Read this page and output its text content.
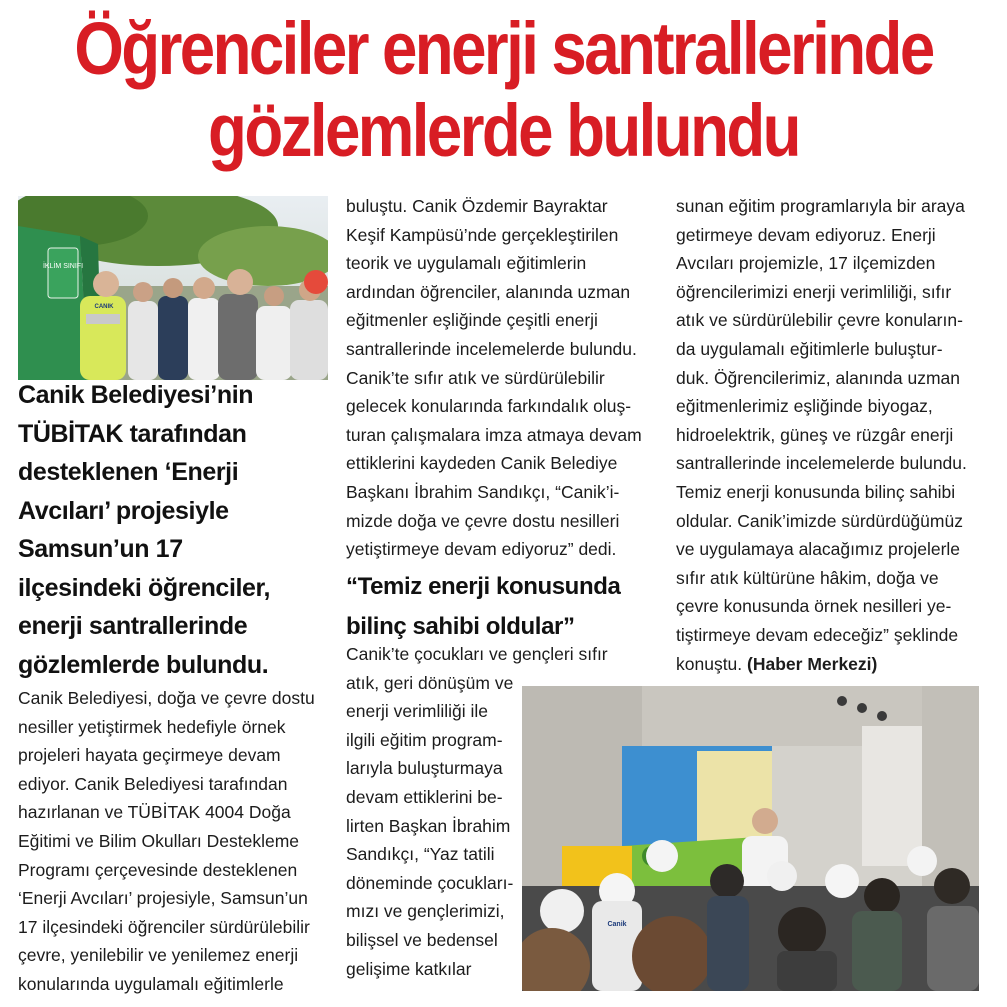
Öğrenciler enerji santrallerinde
gözlemlerde bulundu
İKLİM SINIFI
CANIK
Canik Belediyesi’nin
TÜBİTAK tarafından
desteklenen ‘Enerji
Avcıları’ projesiyle
Samsun’un 17
ilçesindeki öğrenciler,
enerji santrallerinde
gözlemlerde bulundu.
Canik Belediyesi, doğa ve çevre dostu
nesiller yetiştirmek hedefiyle örnek
projeleri hayata geçirmeye devam
ediyor. Canik Belediyesi tarafından
hazırlanan ve TÜBİTAK 4004 Doğa
Eğitimi ve Bilim Okulları Destekleme
Programı çerçevesinde desteklenen
‘Enerji Avcıları’ projesiyle, Samsun’un
17 ilçesindeki öğrenciler sürdürülebilir
çevre, yenilebilir ve yenilemez enerji
konularında uygulamalı eğitimlerle
buluştu. Canik Özdemir Bayraktar
Keşif Kampüsü’nde gerçekleştirilen
teorik ve uygulamalı eğitimlerin
ardından öğrenciler, alanında uzman
eğitmenler eşliğinde çeşitli enerji
santrallerinde incelemelerde bulundu.
Canik’te sıfır atık ve sürdürülebilir
gelecek konularında farkındalık oluş-
turan çalışmalara imza atmaya devam
ettiklerini kaydeden Canik Belediye
Başkanı İbrahim Sandıkçı, “Canik’i-
mizde doğa ve çevre dostu nesilleri
yetiştirmeye devam ediyoruz” dedi.
“Temiz enerji konusunda
bilinç sahibi oldular”
Canik’te çocukları ve gençleri sıfır
atık, geri dönüşüm ve
enerji verimliliği ile
ilgili eğitim program-
larıyla buluşturmaya
devam ettiklerini be-
lirten Başkan İbrahim
Sandıkçı, “Yaz tatili
döneminde çocukları-
mızı ve gençlerimizi,
bilişsel ve bedensel
gelişime katkılar
sunan eğitim programlarıyla bir araya
getirmeye devam ediyoruz. Enerji
Avcıları projemizle, 17 ilçemizden
öğrencilerimizi enerji verimliliği, sıfır
atık ve sürdürülebilir çevre konuların-
da uygulamalı eğitimlerle buluştur-
duk. Öğrencilerimiz, alanında uzman
eğitmenlerimiz eşliğinde biyogaz,
hidroelektrik, güneş ve rüzgâr enerji
santrallerinde incelemelerde bulundu.
Temiz enerji konusunda bilinç sahibi
oldular. Canik’imizde sürdürdüğümüz
ve uygulamaya alacağımız projelerle
sıfır atık kültürüne hâkim, doğa ve
çevre konusunda örnek nesilleri ye-
tiştirmeye devam edeceğiz” şeklinde
konuştu. (Haber Merkezi)
Canik
